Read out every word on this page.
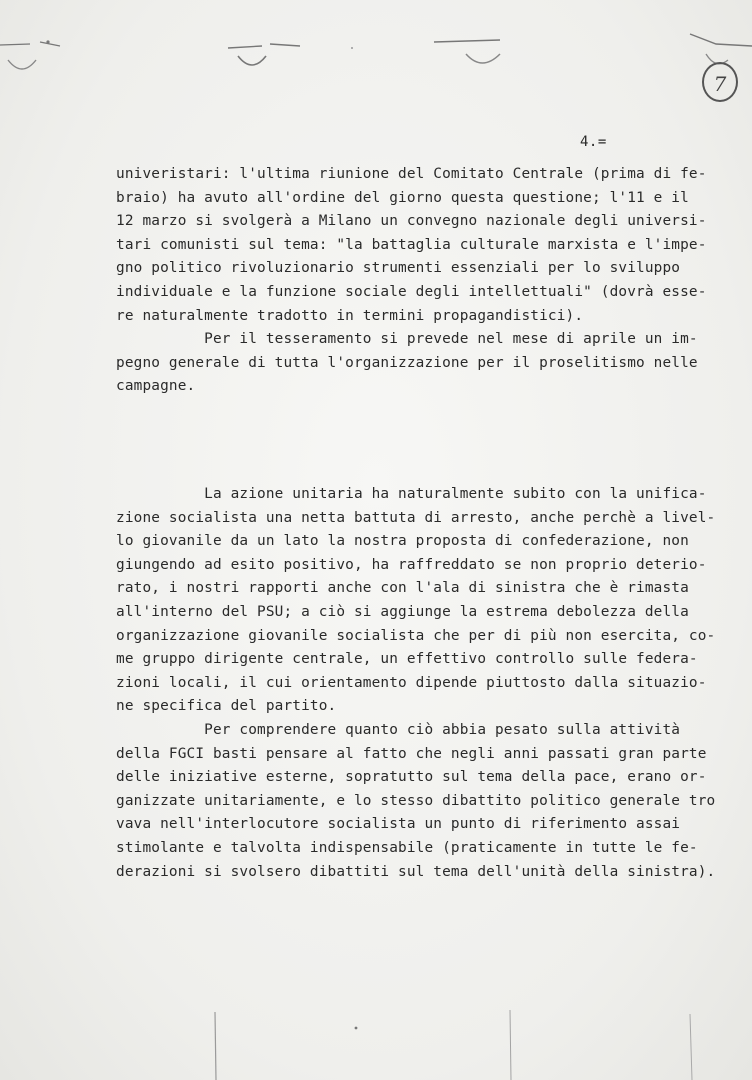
7
4.=

univeristari: l'ultima riunione del Comitato Centrale (prima di fe-

braio) ha avuto all'ordine del giorno questa questione; l'11 e il

12 marzo si svolgerà a Milano un convegno nazionale degli universi-

tari comunisti sul tema: "la battaglia culturale marxista e l'impe-

gno politico rivoluzionario strumenti essenziali per lo sviluppo

individuale e la funzione sociale degli intellettuali" (dovrà esse-

re naturalmente tradotto in termini propagandistici).

Per il tesseramento si prevede nel mese di aprile un im-

pegno generale di tutta l'organizzazione per il proselitismo nelle

campagne.

La azione unitaria ha naturalmente subito con la unifica-

zione socialista una netta battuta di arresto, anche perchè a livel-

lo giovanile da un lato la nostra proposta di confederazione, non

giungendo ad esito positivo, ha raffreddato se non proprio deterio-

rato, i nostri rapporti anche con l'ala di sinistra che è rimasta

all'interno del PSU; a ciò si aggiunge la estrema debolezza della

organizzazione giovanile socialista che per di più non esercita, co-

me gruppo dirigente centrale, un effettivo controllo sulle federa-

zioni locali, il cui orientamento dipende piuttosto dalla situazio-

ne specifica del partito.

Per comprendere quanto ciò abbia pesato sulla attività

della FGCI basti pensare al fatto che negli anni passati gran parte

delle iniziative esterne, sopratutto sul tema della pace, erano or-

ganizzate unitariamente, e lo stesso dibattito politico generale tro

vava nell'interlocutore socialista un punto di riferimento assai

stimolante e talvolta indispensabile (praticamente in tutte le fe-

derazioni si svolsero dibattiti sul tema dell'unità della sinistra).
